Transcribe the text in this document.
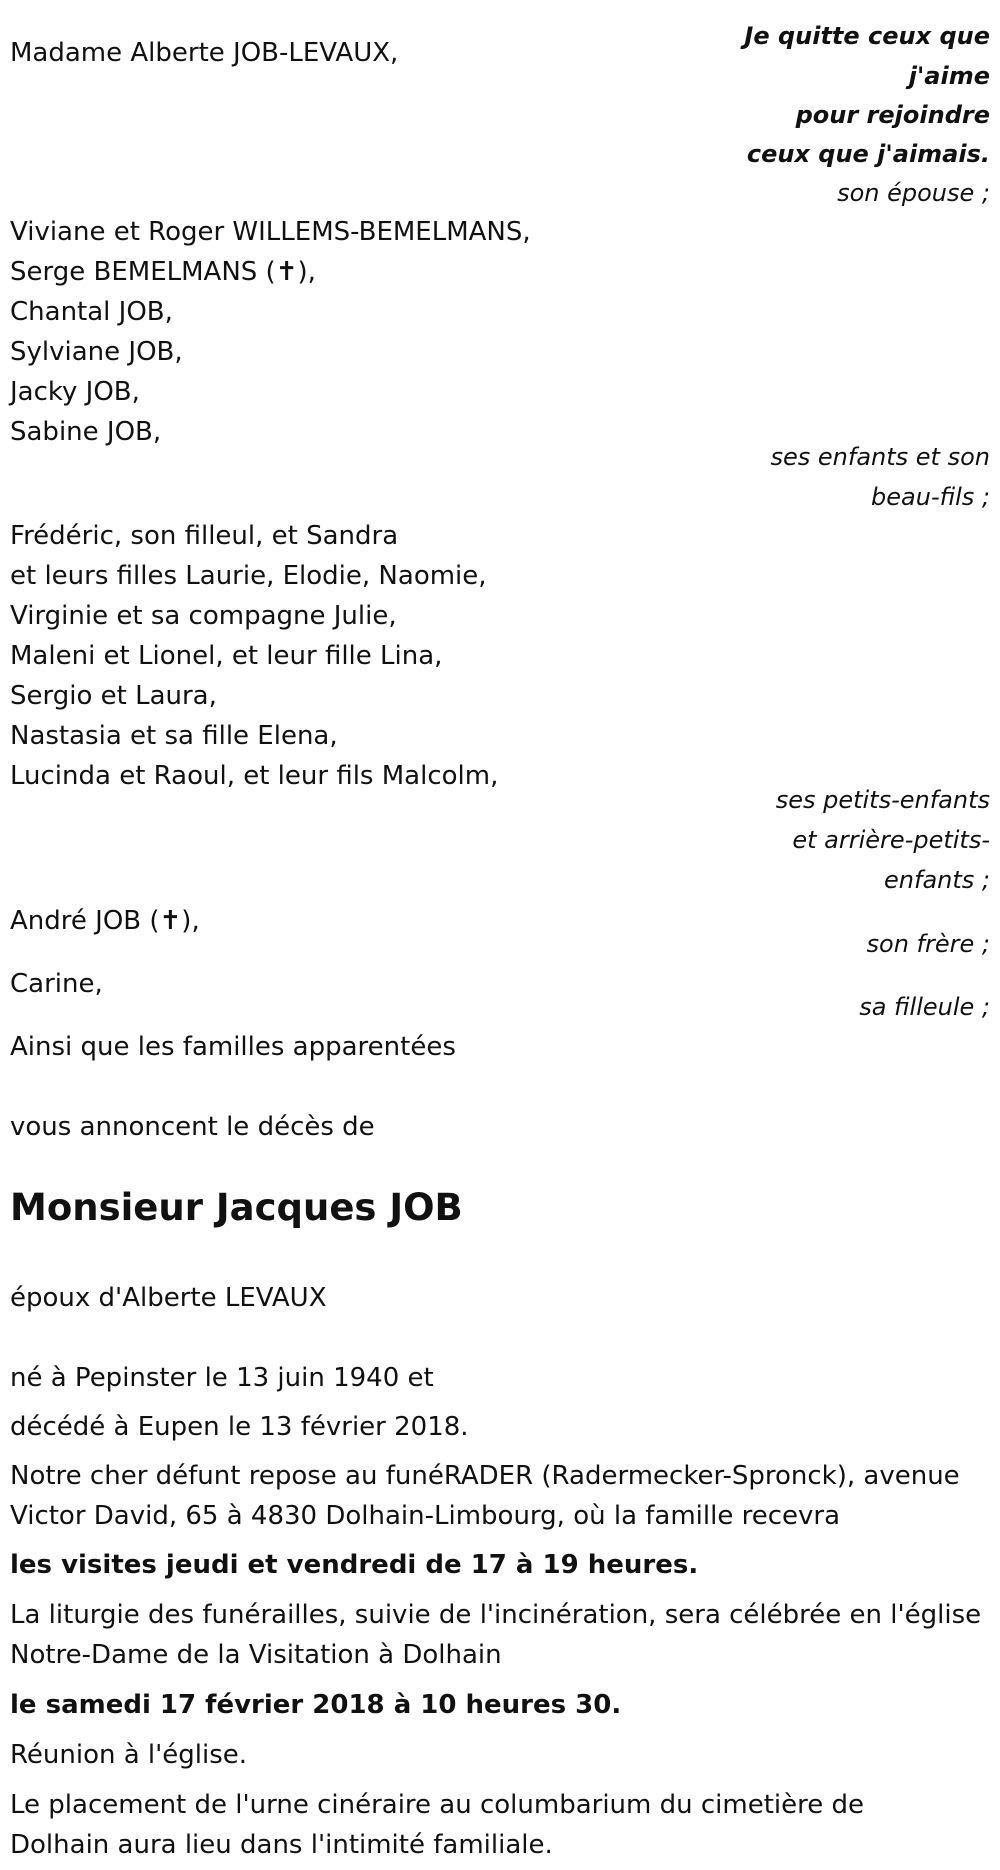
Je quitte ceux que
j'aime
pour rejoindre
ceux que j'aimais.
Madame Alberte JOB-LEVAUX,
son épouse ;
Viviane et Roger WILLEMS-BEMELMANS,
Serge BEMELMANS (✝),
Chantal JOB,
Sylviane JOB,
Jacky JOB,
Sabine JOB,
ses enfants et son
beau-fils ;
Frédéric, son filleul, et Sandra
et leurs filles Laurie, Elodie, Naomie,
Virginie et sa compagne Julie,
Maleni et Lionel, et leur fille Lina,
Sergio et Laura,
Nastasia et sa fille Elena,
Lucinda et Raoul, et leur fils Malcolm,
ses petits-enfants
et arrière-petits-
enfants ;
André JOB (✝),
son frère ;
Carine,
sa filleule ;
Ainsi que les familles apparentées
vous annoncent le décès de
Monsieur Jacques JOB
époux d'Alberte LEVAUX
né à Pepinster le 13 juin 1940 et
décédé à Eupen le 13 février 2018.
Notre cher défunt repose au funéRADER (Radermecker-Spronck), avenue
Victor David, 65 à 4830 Dolhain-Limbourg, où la famille recevra
les visites jeudi et vendredi de 17 à 19 heures.
La liturgie des funérailles, suivie de l'incinération, sera célébrée en l'église
Notre-Dame de la Visitation à Dolhain
le samedi 17 février 2018 à 10 heures 30.
Réunion à l'église.
Le placement de l'urne cinéraire au columbarium du cimetière de
Dolhain aura lieu dans l'intimité familiale.
